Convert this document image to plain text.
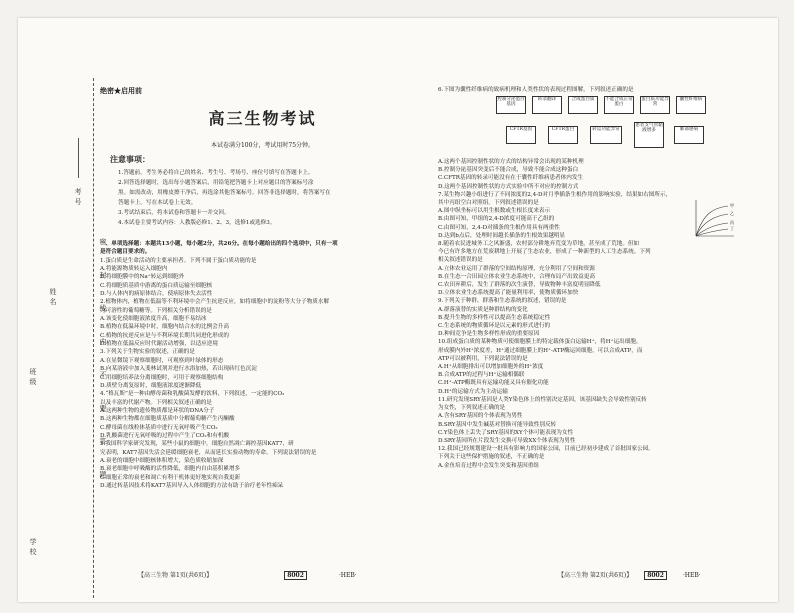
考号
姓名
班级
学校
密 封 线 内 不 要 答 题
绝密★启用前
高三生物考试
本试卷满分100分，考试用时75分钟。
注意事项：

1.答题前，考生务必将自己的姓名、考生号、考场号、座位号填写在答题卡上。

2.回答选择题时，选出每小题答案后，用铅笔把答题卡上对应题目的答案标号涂

黑。如需改动，用橡皮擦干净后，再选涂其他答案标号。回答非选择题时，将答案写在

答题卡上。写在本试卷上无效。

3.考试结束后，将本试卷和答题卡一并交回。

4.本试卷主要考试内容：人教版必修1、2、3，选修1或选修3。

一、单项选择题：本题共13小题，每小题2分，共26分。在每小题给出的四个选项中，只有一项

是符合题目要求的。

1.蛋白质是生命活动的主要承担者。下列不属于蛋白质功能的是

A.将能源物质转运入细胞内

B.将细胞膜中的Na⁺转运到细胞外

C.将细胞质基质中游离的蛋白质运输至细胞核

D.与人体内的病原体结合，使病原体失去活性

2.植物体内，植物在低温等不利环境中会产生抗逆反应，如将细胞中的淀粉等大分子物质水解

为可溶性的葡萄糖等。下列相关分析错误的是

A.该变化使细胞液浓度升高，细胞不易结冰

B.植物在低温环境中时，细胞内结合水的比例会升高

C.植物的抗逆反应是与不利环境长期共同进化形成的

D.植物在低温反应时代谢活动增强，以适应逆境

3.下列关于生物实验的叙述，正确的是

A.在显微镜下观察细胞时，可观察到叶绿体的形态

B.向某溶液中加入斐林试剂并进行水浴加热，若出现砖红色沉淀

C.用细胞培养法分离细胞时，可用于观察细胞结构

D.质壁分离复原时，细胞液浓度逐渐降低

4.“格瓦斯”是一种由酵母菌和乳酸菌发酵的饮料，下列叙述，一定能的CO₂

以及丰富的代谢产物。下列相关叙述正确的是

A.这两种生物的遗传物质都是环状的DNA分子

B.这两种生物都在细胞质基质中分解葡萄糖产生丙酮酸

C.酵母菌在线粒体基质中进行无氧呼吸产生CO₂

D.乳酸菌进行无氧呼吸的过程中产生了CO₂和有机酸

5.我国科学家研究发现，某些小鼠的细胞中，细胞自然凋亡调控基因KAT7，研

究表明，KAT7基因失活会延缓细胞衰老，从而延长实验动物的寿命。下列说法错误的是

A.衰老的细胞中细胞核体积增大，染色质收缩加深

B.衰老细胞中呼吸酶的活性降低，细胞内自由基积累增多

C.细胞正常的衰老和凋亡有利于机体更好地实现自我更新

D.通过转基因技术将KAT7基因导入人体细胞的方法有助于治疗老年性痴呆

【高三生物 第1页(共6页)】	8002	·HEB·

6.下图为囊性纤维病的致病机理和人类性状的表现过程图解，下列叙述正确的是

控制分泌蛋白基因
转录翻译	合成蛋白质	不能合成正常蛋白
蛋白质功能异常
囊性纤维病
CFTR基因	CFTR蛋白	转运功能异常
患者支气管黏液增多	肺部感染

A.这两个基因控制性状的方式的结构异常会出现的某种机理

B.控制分泌基因突变后不能合成，导致不能合成这种蛋白

C.CFTR基因的转录可能没有在于囊性纤维病患者体内发生

D.这两个基因控制性状的方式实验中所不对应的控制方式

7.某生物兴趣小组进行了不同浓度的2,4-D对月季插条生根作用的影响实验，结果如右图所示，

其中丙组空白对照组。下列叙述错误的是

A.图中纵坐标可以用生根数或生根长度来表示

B.由图可知，甲组的2,4-D浓度可能高于乙组的

C.由图可知，2,4-D对插条的生根作用具有两重性

D.达到b点后，处理时间越长插条的生根效果越明显

8.随着农民进城务工之风渐盛，农村部分耕地弃荒变为草地，甚至成了荒地。但如

今已有许多地方在荒废耕地上开展了生态农业，形成了一种新型的人工生态系统。下列

相关叙述错误的是

A.立体农业运用了群落的空间结构原理，充分利用了空间和资源

B.在生态一合田园立体农业生态系统中，合理布局产出效益更高

C.农田弃耕后，发生了群落的次生演替，导致物种丰富度明显降低

D.立体农业生态系统提高了能量利用率，使物质循环加快

9.下列关于种群、群落和生态系统的叙述，错误的是

A.群落演替的实质是种群结构的变化

B.提升生物的多样性可以提高生态系统稳定性

C.生态系统的物质循环是以元素的形式进行的

D.种间竞争是生物多样性形成的重要原因

10.组成蛋白质的某种物质可使细胞膜上的特定载体蛋白运输H⁺，将H⁺运出细胞，

形成膜内外H⁺浓度差，H⁺通过细胞膜上的H⁺-ATP酶运回细胞，可以合成ATP，而

ATP可以被利用，下列说法错误的是

A.H⁺从细胞排出可以增加细胞外的H⁺浓度

B.合成ATP的过程与H⁺运输相偶联

C.H⁺-ATP酶既具有运输功能又具有催化功能

D.H⁺的运输方式为主动运输

11.研究发现SRY基因是人类Y染色体上的性别决定基因，该基因缺失会导致性别反转

为女性，下列叙述正确的是

A.含有SRY基因的个体表现为男性

B.SRY基因中发生碱基对替换可能导致性别反转

C.Y染色体上丢失了SRY基因的XY个体可能表现为女性

D.SRY基因所在片段发生交换可导致XX个体表现为男性

12.我国已经规划建设一批具有影响力的国家公园，目前已经初步建成了首批国家公园。

下列关于这些保护措施的叙述，不正确的是

A.金鱼培育过程中会发生突变和基因重组

甲
乙
丙
丁
【高三生物 第2页(共6页)】 8002	·HEB·
